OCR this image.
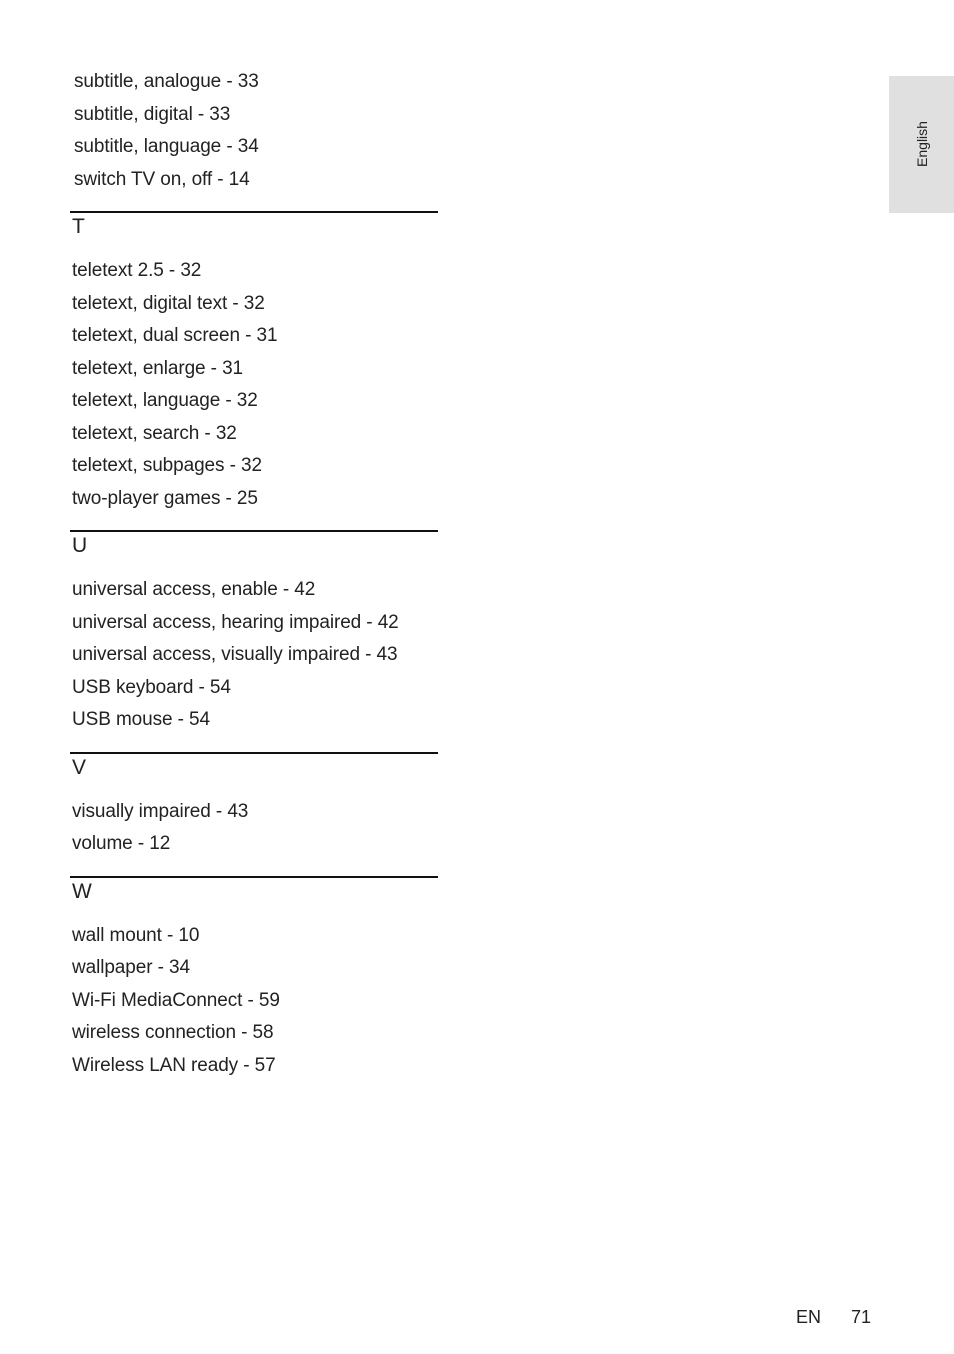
subtitle, analogue - 33
subtitle, digital - 33
subtitle, language - 34
switch TV on, off - 14
T
teletext 2.5 - 32
teletext, digital text - 32
teletext, dual screen - 31
teletext, enlarge - 31
teletext, language - 32
teletext, search - 32
teletext, subpages - 32
two-player games - 25
U
universal access, enable - 42
universal access, hearing impaired - 42
universal access, visually impaired - 43
USB keyboard - 54
USB mouse - 54
V
visually impaired - 43
volume - 12
W
wall mount - 10
wallpaper - 34
Wi-Fi MediaConnect - 59
wireless connection - 58
Wireless LAN ready - 57
English
EN 71
